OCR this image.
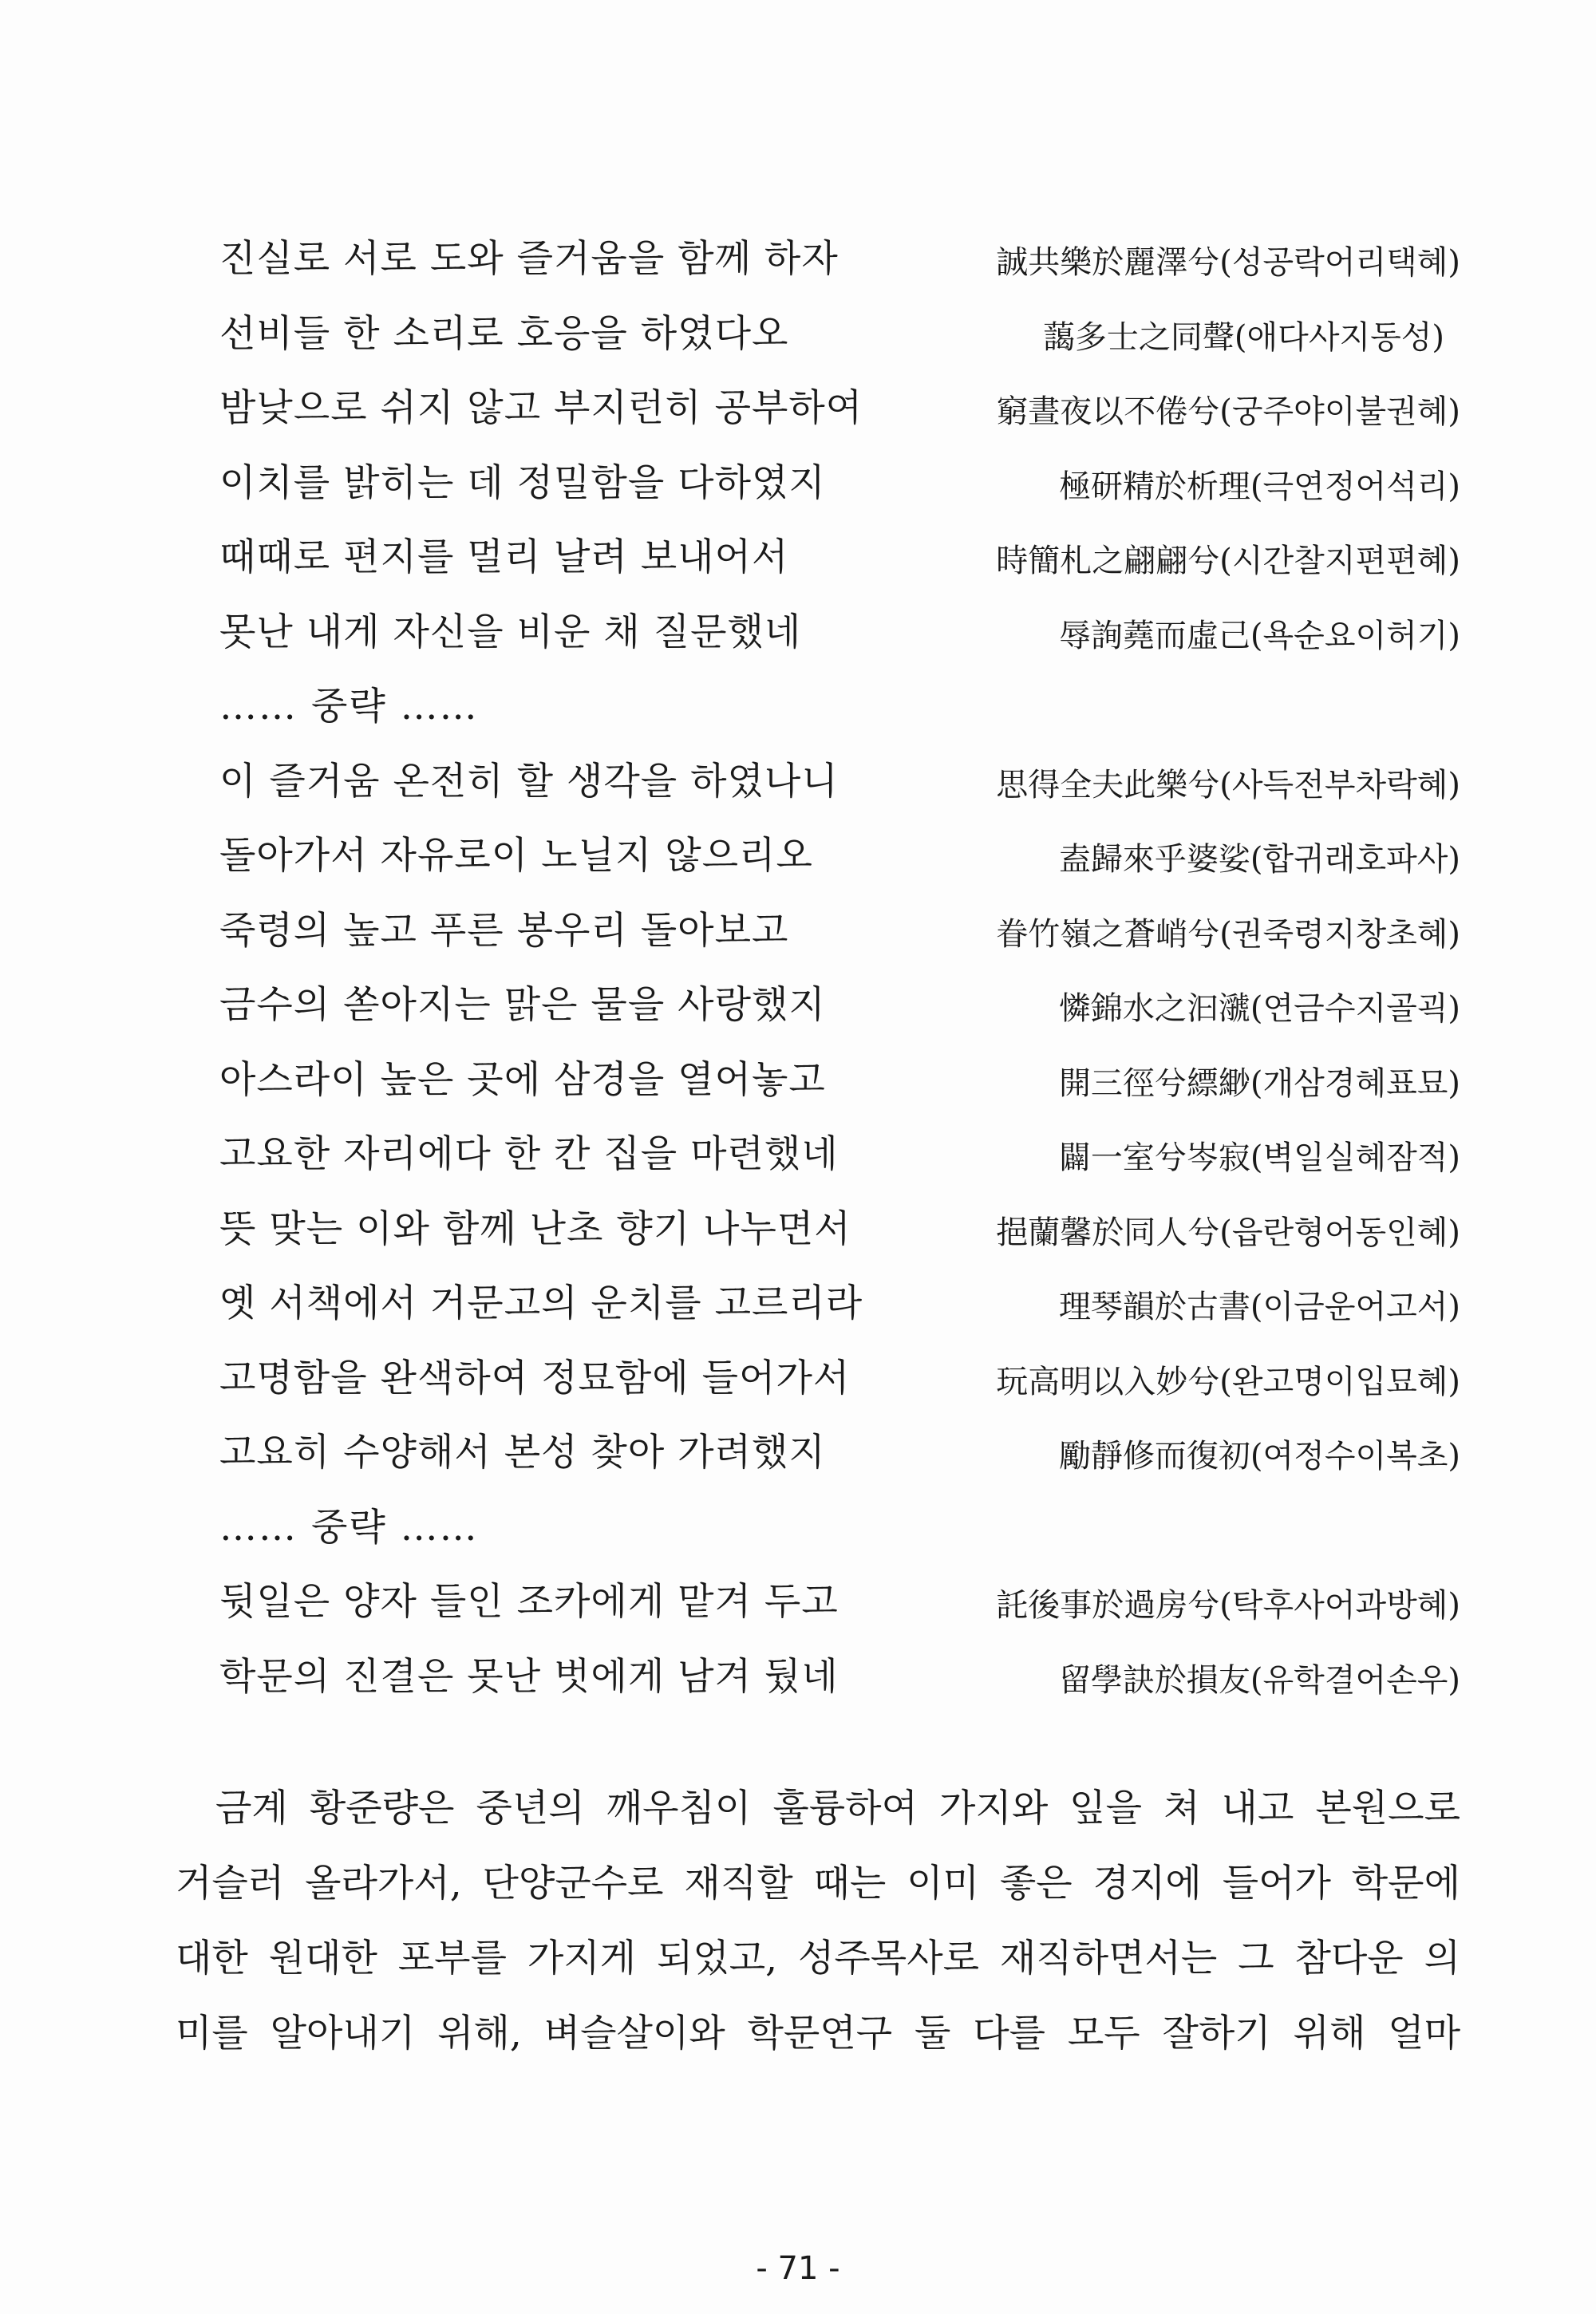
진실로 서로 도와 즐거움을 함께 하자	誠共樂於麗澤兮(성공락어리택혜)
선비들 한 소리로 호응을 하였다오	藹多士之同聲(애다사지동성)
밤낮으로 쉬지 않고 부지런히 공부하여	窮晝夜以不倦兮(궁주야이불권혜)
이치를 밝히는 데 정밀함을 다하였지	極研精於析理(극연정어석리)
때때로 편지를 멀리 날려 보내어서	時簡札之翩翩兮(시간찰지편편혜)
못난 내게 자신을 비운 채 질문했네	辱詢蕘而虛己(욕순요이허기)
…… 중략 ……
이 즐거움 온전히 할 생각을 하였나니	思得全夫此樂兮(사득전부차락혜)
돌아가서 자유로이 노닐지 않으리오	盍歸來乎婆娑(합귀래호파사)
죽령의 높고 푸른 봉우리 돌아보고	眷竹嶺之蒼峭兮(권죽령지창초혜)
금수의 쏟아지는 맑은 물을 사랑했지	憐錦水之汩㶁(연금수지골괵)
아스라이 높은 곳에 삼경을 열어놓고	開三徑兮縹緲(개삼경혜표묘)
고요한 자리에다 한 칸 집을 마련했네	闢一室兮岑寂(벽일실혜잠적)
뜻 맞는 이와 함께 난초 향기 나누면서	挹蘭馨於同人兮(읍란형어동인혜)
옛 서책에서 거문고의 운치를 고르리라	理琴韻於古書(이금운어고서)
고명함을 완색하여 정묘함에 들어가서	玩高明以入妙兮(완고명이입묘혜)
고요히 수양해서 본성 찾아 가려했지	勵靜修而復初(여정수이복초)
…… 중략 ……
뒷일은 양자 들인 조카에게 맡겨 두고	託後事於過房兮(탁후사어과방혜)
학문의 진결은 못난 벗에게 남겨 뒀네	留學訣於損友(유학결어손우)
금계 황준량은 중년의 깨우침이 훌륭하여 가지와 잎을 쳐 내고 본원으로
거슬러 올라가서, 단양군수로 재직할 때는 이미 좋은 경지에 들어가 학문에
대한 원대한 포부를 가지게 되었고, 성주목사로 재직하면서는 그 참다운 의
미를 알아내기 위해, 벼슬살이와 학문연구 둘 다를 모두 잘하기 위해 얼마
- 71 -
